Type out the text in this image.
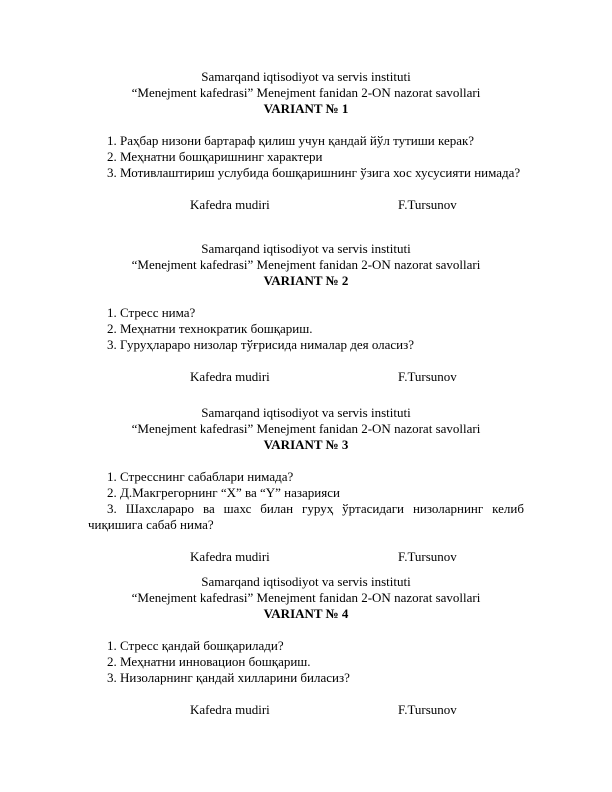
Samarqand iqtisodiyot va servis instituti

“Menejment kafedrasi” Menejment fanidan 2-ON nazorat savollari

VARIANT № 1

1. Раҳбар низони бартараф қилиш учун қандай йўл тутиши керак?

2. Меҳнатни бошқаришнинг характери

3. Мотивлаштириш услубида бошқаришнинг ўзига хос хусусияти нимада?

Kafedra mudiri	F.Tursunov

Samarqand iqtisodiyot va servis instituti

“Menejment kafedrasi” Menejment fanidan 2-ON nazorat savollari

VARIANT № 2

1. Стресс нима?

2. Меҳнатни технократик бошқариш.

3. Гуруҳлараро низолар тўғрисида нималар дея оласиз?

Kafedra mudiri	F.Tursunov

Samarqand iqtisodiyot va servis instituti

“Menejment kafedrasi” Menejment fanidan 2-ON nazorat savollari

VARIANT № 3

1. Стресснинг сабаблари нимада?

2. Д.Макгрегорнинг “X” ва “Y” назарияси

3. Шахслараро ва шахс билан гуруҳ ўртасидаги низоларнинг келиб чиқишига сабаб нима?

Kafedra mudiri	F.Tursunov

Samarqand iqtisodiyot va servis instituti

“Menejment kafedrasi” Menejment fanidan 2-ON nazorat savollari

VARIANT № 4

1. Стресс қандай бошқарилади?

2. Меҳнатни инновацион бошқариш.

3. Низоларнинг қандай хилларини биласиз?

Kafedra mudiri	F.Tursunov
